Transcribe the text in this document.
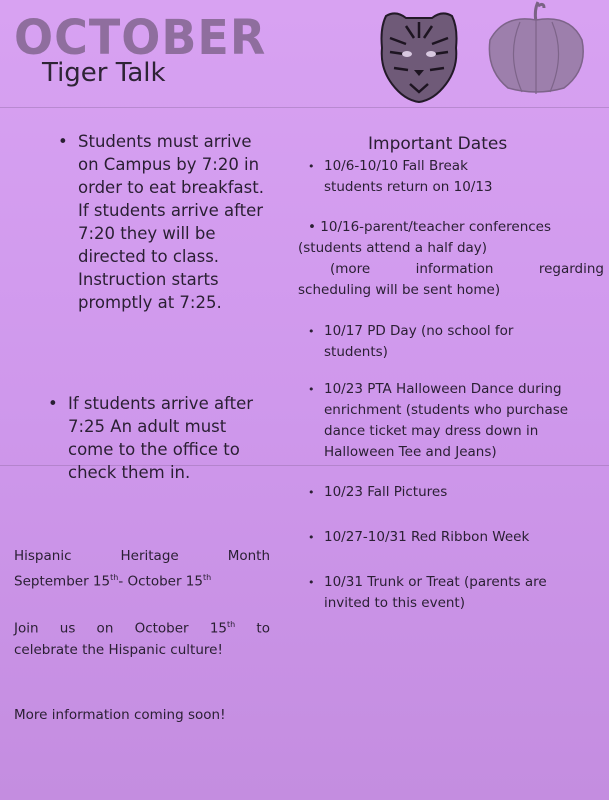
OCTOBER
Tiger Talk
• Students must arrive on Campus by 7:20 in order to eat breakfast. If students arrive after 7:20 they will be directed to class. Instruction starts promptly at 7:25.
• If students arrive after 7:25 An adult must come to the office to check them in.
Hispanic	Heritage	Month
September 15th- October 15th
Join us on October 15th to
celebrate the Hispanic culture!
More information coming soon!
Important Dates
• 10/6-10/10 Fall Break
students return on 10/13
• 10/16-parent/teacher conferences
(students attend a half day)
(more	information	regarding
scheduling will be sent home)
• 10/17 PD Day (no school for students)
• 10/23 PTA Halloween Dance during enrichment (students who purchase dance ticket may dress down in Halloween Tee and Jeans)
• 10/23 Fall Pictures
• 10/27-10/31 Red Ribbon Week
• 10/31 Trunk or Treat (parents are invited to this event)
